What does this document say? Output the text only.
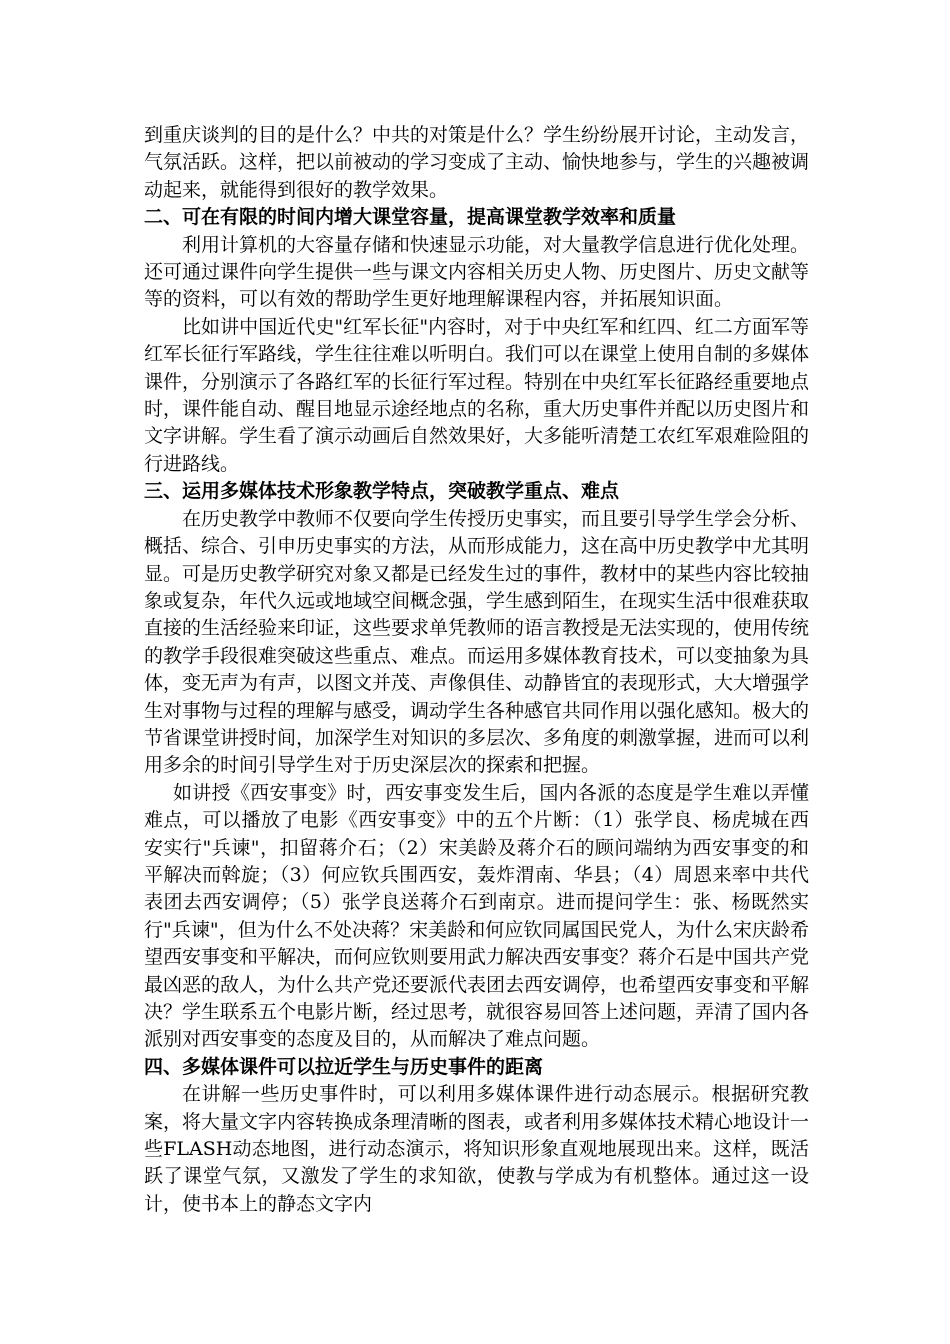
到重庆谈判的目的是什么？中共的对策是什么？学生纷纷展开讨论，主动发言，气氛活跃。这样，把以前被动的学习变成了主动、愉快地参与，学生的兴趣被调动起来，就能得到很好的教学效果。

二、可在有限的时间内增大课堂容量，提高课堂教学效率和质量

利用计算机的大容量存储和快速显示功能，对大量教学信息进行优化处理。还可通过课件向学生提供一些与课文内容相关历史人物、历史图片、历史文献等等的资料，可以有效的帮助学生更好地理解课程内容，并拓展知识面。

比如讲中国近代史"红军长征"内容时，对于中央红军和红四、红二方面军等红军长征行军路线，学生往往难以听明白。我们可以在课堂上使用自制的多媒体课件，分别演示了各路红军的长征行军过程。特别在中央红军长征路经重要地点时，课件能自动、醒目地显示途经地点的名称，重大历史事件并配以历史图片和文字讲解。学生看了演示动画后自然效果好，大多能听清楚工农红军艰难险阻的行进路线。

三、运用多媒体技术形象教学特点，突破教学重点、难点

在历史教学中教师不仅要向学生传授历史事实，而且要引导学生学会分析、概括、综合、引申历史事实的方法，从而形成能力，这在高中历史教学中尤其明显。可是历史教学研究对象又都是已经发生过的事件，教材中的某些内容比较抽象或复杂，年代久远或地域空间概念强，学生感到陌生，在现实生活中很难获取直接的生活经验来印证，这些要求单凭教师的语言教授是无法实现的，使用传统的教学手段很难突破这些重点、难点。而运用多媒体教育技术，可以变抽象为具体，变无声为有声，以图文并茂、声像俱佳、动静皆宜的表现形式，大大增强学生对事物与过程的理解与感受，调动学生各种感官共同作用以强化感知。极大的节省课堂讲授时间，加深学生对知识的多层次、多角度的刺激掌握，进而可以利用多余的时间引导学生对于历史深层次的探索和把握。

如讲授《西安事变》时，西安事变发生后，国内各派的态度是学生难以弄懂难点，可以播放了电影《西安事变》中的五个片断：（1）张学良、杨虎城在西安实行"兵谏"，扣留蒋介石；（2）宋美龄及蒋介石的顾问端纳为西安事变的和平解决而斡旋；（3）何应钦兵围西安，轰炸渭南、华县；（4）周恩来率中共代表团去西安调停；（5）张学良送蒋介石到南京。进而提问学生：张、杨既然实行"兵谏"，但为什么不处决蒋？宋美龄和何应钦同属国民党人，为什么宋庆龄希望西安事变和平解决，而何应钦则要用武力解决西安事变？蒋介石是中国共产党最凶恶的敌人，为什么共产党还要派代表团去西安调停，也希望西安事变和平解决？学生联系五个电影片断，经过思考，就很容易回答上述问题，弄清了国内各派别对西安事变的态度及目的，从而解决了难点问题。

四、多媒体课件可以拉近学生与历史事件的距离

在讲解一些历史事件时，可以利用多媒体课件进行动态展示。根据研究教案，将大量文字内容转换成条理清晰的图表，或者利用多媒体技术精心地设计一些FLASH动态地图，进行动态演示，将知识形象直观地展现出来。这样，既活跃了课堂气氛，又激发了学生的求知欲，使教与学成为有机整体。通过这一设计，使书本上的静态文字内
